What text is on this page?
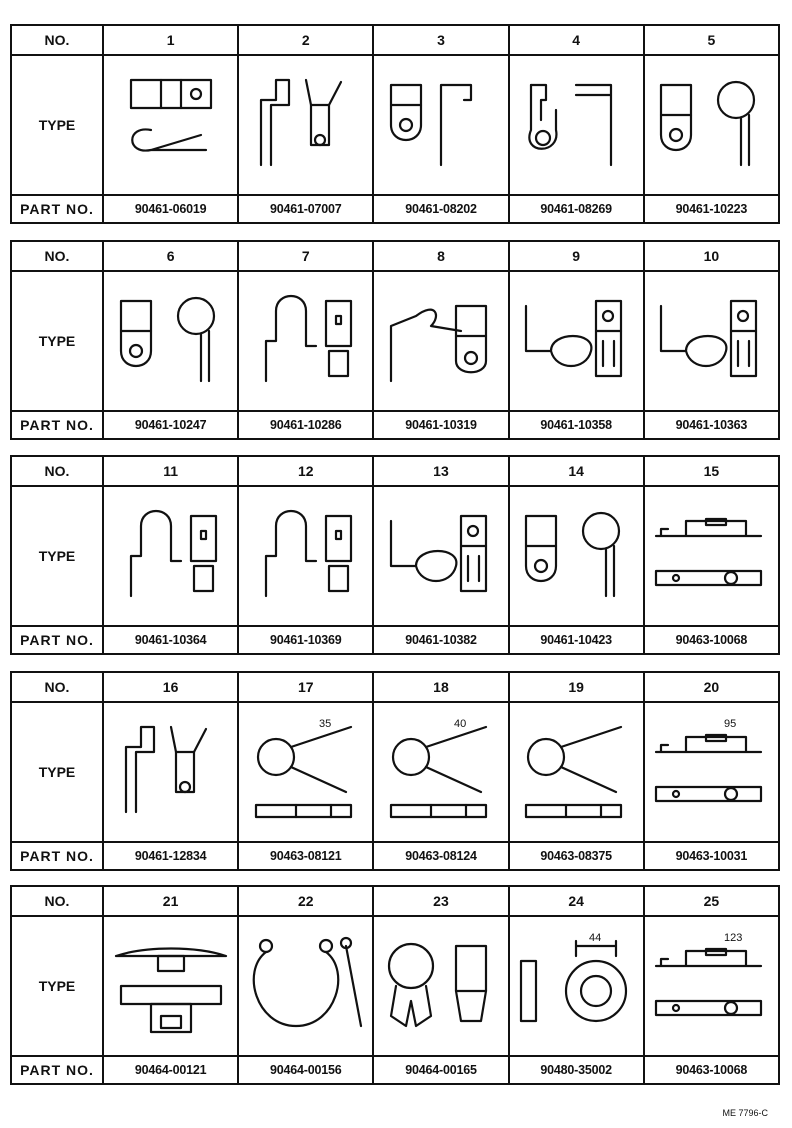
NO.	1	2	3	4	5
TYPE	

PART NO.	90461-06019	90461-07007	90461-08202	90461-08269	90461-10223
NO.	6	7	8	9	10
TYPE	

PART NO.	90461-10247	90461-10286	90461-10319	90461-10358	90461-10363
NO.	11	12	13	14	15
TYPE	

PART NO.	90461-10364	90461-10369	90461-10382	90461-10423	90463-10068
NO.	16	17	18	19	20
TYPE		35	40		95

PART NO.	90461-12834	90463-08121	90463-08124	90463-08375	90463-10031
NO.	21	22	23	24	25
TYPE				44	123

PART NO.	90464-00121	90464-00156	90464-00165	90480-35002	90463-10068
ME 7796-C
